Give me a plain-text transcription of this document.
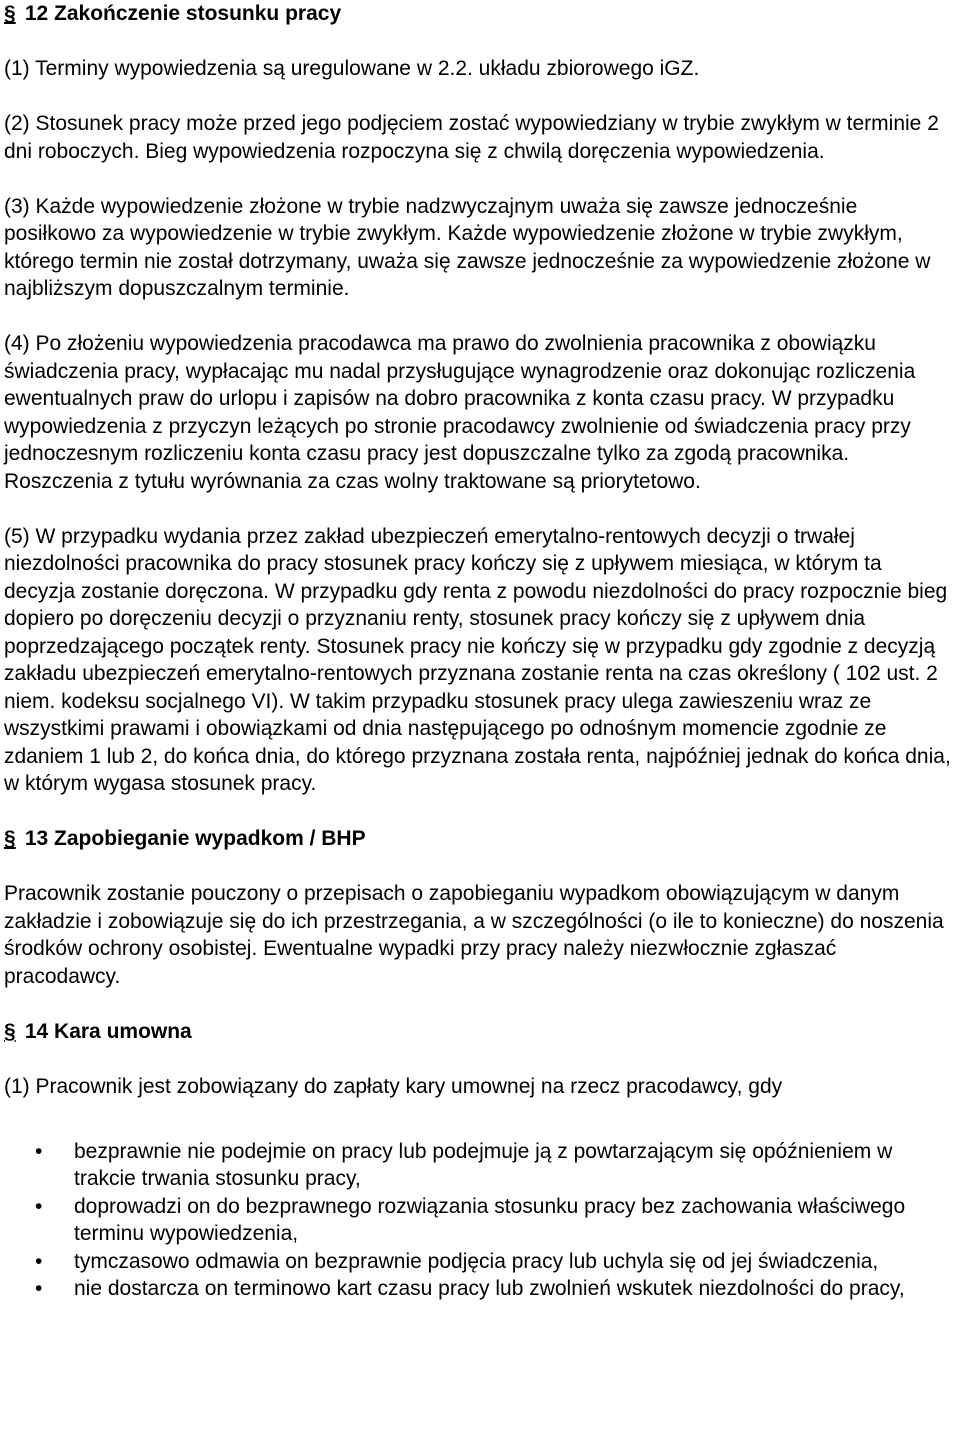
§ 12 Zakończenie stosunku pracy

(1) Terminy wypowiedzenia są uregulowane w 2.2. układu zbiorowego iGZ.

(2) Stosunek pracy może przed jego podjęciem zostać wypowiedziany w trybie zwykłym w terminie 2 dni roboczych. Bieg wypowiedzenia rozpoczyna się z chwilą doręczenia wypowiedzenia.

(3) Każde wypowiedzenie złożone w trybie nadzwyczajnym uważa się zawsze jednocześnie posiłkowo za wypowiedzenie w trybie zwykłym. Każde wypowiedzenie złożone w trybie zwykłym, którego termin nie został dotrzymany, uważa się zawsze jednocześnie za wypowiedzenie złożone w najbliższym dopuszczalnym terminie.

(4) Po złożeniu wypowiedzenia pracodawca ma prawo do zwolnienia pracownika z obowiązku świadczenia pracy, wypłacając mu nadal przysługujące wynagrodzenie oraz dokonując rozliczenia ewentualnych praw do urlopu i zapisów na dobro pracownika z konta czasu pracy. W przypadku wypowiedzenia z przyczyn leżących po stronie pracodawcy zwolnienie od świadczenia pracy przy jednoczesnym rozliczeniu konta czasu pracy jest dopuszczalne tylko za zgodą pracownika. Roszczenia z tytułu wyrównania za czas wolny traktowane są priorytetowo.

(5) W przypadku wydania przez zakład ubezpieczeń emerytalno-rentowych decyzji o trwałej niezdolności pracownika do pracy stosunek pracy kończy się z upływem miesiąca, w którym ta decyzja zostanie doręczona. W przypadku gdy renta z powodu niezdolności do pracy rozpocznie bieg dopiero po doręczeniu decyzji o przyznaniu renty, stosunek pracy kończy się z upływem dnia poprzedzającego początek renty. Stosunek pracy nie kończy się w przypadku gdy zgodnie z decyzją zakładu ubezpieczeń emerytalno-rentowych przyznana zostanie renta na czas określony ( 102 ust. 2 niem. kodeksu socjalnego VI). W takim przypadku stosunek pracy ulega zawieszeniu wraz ze wszystkimi prawami i obowiązkami od dnia następującego po odnośnym momencie zgodnie ze zdaniem 1 lub 2, do końca dnia, do którego przyznana została renta, najpóźniej jednak do końca dnia, w którym wygasa stosunek pracy.

§ 13 Zapobieganie wypadkom / BHP

Pracownik zostanie pouczony o przepisach o zapobieganiu wypadkom obowiązującym w danym zakładzie i zobowiązuje się do ich przestrzegania, a w szczególności (o ile to konieczne) do noszenia środków ochrony osobistej. Ewentualne wypadki przy pracy należy niezwłocznie zgłaszać pracodawcy.

§ 14 Kara umowna

(1) Pracownik jest zobowiązany do zapłaty kary umownej na rzecz pracodawcy, gdy

• bezprawnie nie podejmie on pracy lub podejmuje ją z powtarzającym się opóźnieniem w trakcie trwania stosunku pracy,
• doprowadzi on do bezprawnego rozwiązania stosunku pracy bez zachowania właściwego terminu wypowiedzenia,
• tymczasowo odmawia on bezprawnie podjęcia pracy lub uchyla się od jej świadczenia,
• nie dostarcza on terminowo kart czasu pracy lub zwolnień wskutek niezdolności do pracy,
